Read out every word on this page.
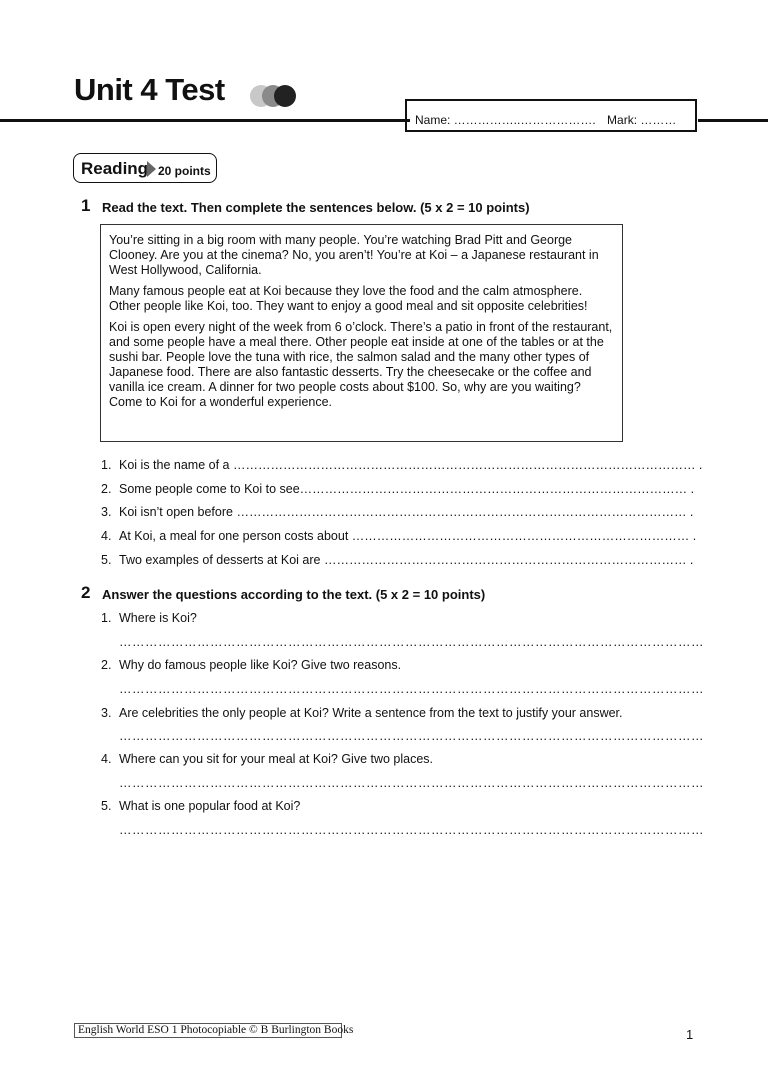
Unit 4 Test
Name: ……………..………………. Mark: ………
Reading 20 points
1 Read the text. Then complete the sentences below. (5 x 2 = 10 points)

You’re sitting in a big room with many people. You’re watching Brad Pitt and George Clooney. Are you at the cinema? No, you aren’t! You’re at Koi – a Japanese restaurant in West Hollywood, California.

Many famous people eat at Koi because they love the food and the calm atmosphere. Other people like Koi, too. They want to enjoy a good meal and sit opposite celebrities!

Koi is open every night of the week from 6 o’clock. There’s a patio in front of the restaurant, and some people have a meal there. Other people eat inside at one of the tables or at the sushi bar. People love the tuna with rice, the salmon salad and the many other types of Japanese food. There are also fantastic desserts. Try the cheesecake or the coffee and vanilla ice cream. A dinner for two people costs about $100. So, why are you waiting? Come to Koi for a wonderful experience.

1. Koi is the name of a ………………………………………………………………………………………………… .
2. Some people come to Koi to see………………………………………………………………………………… .
3. Koi isn’t open before ……………………………………………………………………………………………… .
4. At Koi, a meal for one person costs about ……………………………………………………………………… .
5. Two examples of desserts at Koi are …………………………………………………………………………… .
2 Answer the questions according to the text. (5 x 2 = 10 points)
1. Where is Koi?
………………………………………………………………………………………………………………………
2. Why do famous people like Koi? Give two reasons.
………………………………………………………………………………………………………………………
3. Are celebrities the only people at Koi? Write a sentence from the text to justify your answer.
………………………………………………………………………………………………………………………
4. Where can you sit for your meal at Koi? Give two places.
………………………………………………………………………………………………………………………
5. What is one popular food at Koi?
………………………………………………………………………………………………………………………
English World ESO 1 Photocopiable © B Burlington Books	1
